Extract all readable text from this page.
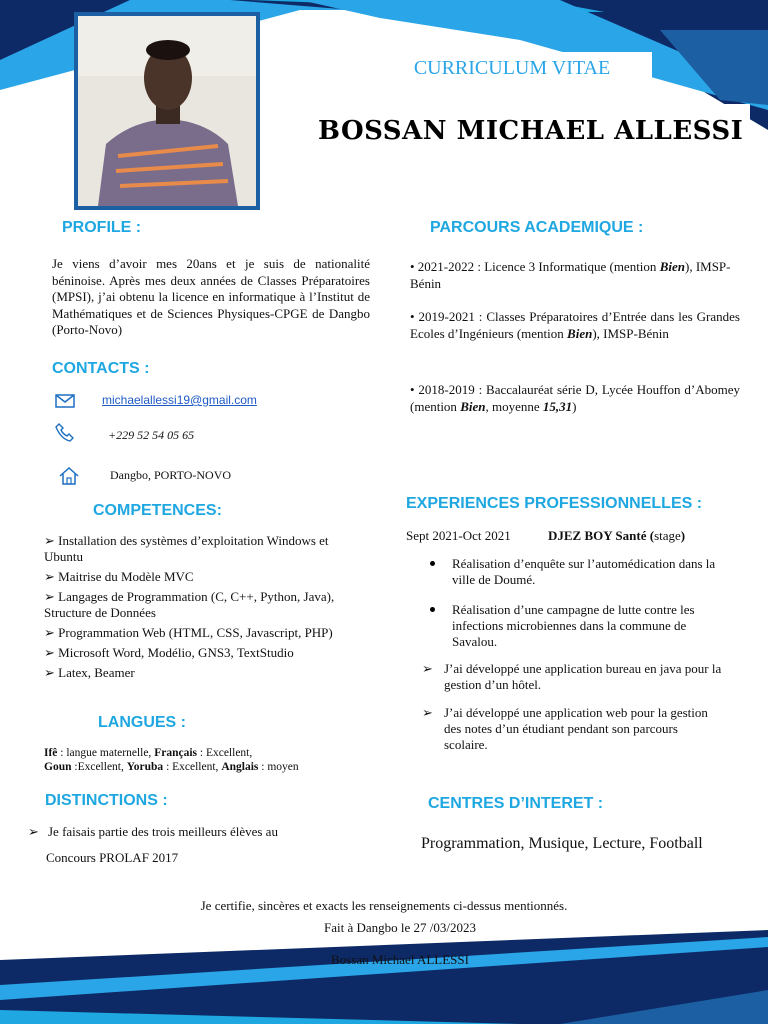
CURRICULUM VITAE
BOSSAN MICHAEL ALLESSI
PROFILE :
Je viens d’avoir mes 20ans et je suis de nationalité béninoise. Après mes deux années de Classes Préparatoires (MPSI), j’ai obtenu la licence en informatique à l’Institut de Mathématiques et de Sciences Physiques-CPGE de Dangbo (Porto-Novo)
CONTACTS :
michaelallessi19@gmail.com
+229 52 54 05 65
Dangbo, PORTO-NOVO
COMPETENCES:
➢ Installation des systèmes d’exploitation Windows et Ubuntu
➢ Maitrise du Modèle MVC
➢ Langages de Programmation (C, C++, Python, Java), Structure de Données
➢ Programmation Web (HTML, CSS, Javascript, PHP)
➢ Microsoft Word, Modélio, GNS3, TextStudio
➢ Latex, Beamer
LANGUES :
Ifê : langue maternelle, Français : Excellent,
Goun :Excellent, Yoruba : Excellent, Anglais : moyen
DISTINCTIONS :
➢ Je faisais partie des trois meilleurs élèves au
Concours PROLAF 2017
PARCOURS ACADEMIQUE :
• 2021-2022 : Licence 3 Informatique (mention Bien), IMSP-Bénin
• 2019-2021 : Classes Préparatoires d’Entrée dans les Grandes Ecoles d’Ingénieurs (mention Bien), IMSP-Bénin
• 2018-2019 : Baccalauréat série D, Lycée Houffon d’Abomey (mention Bien, moyenne 15,31)
EXPERIENCES PROFESSIONNELLES :
Sept 2021-Oct 2021	DJEZ BOY Santé (stage)
Réalisation d’enquête sur l’automédication dans la ville de Doumé.
Réalisation d’une campagne de lutte contre les infections microbiennes dans la commune de Savalou.
➢ J’ai développé une application bureau en java pour la gestion d’un hôtel.
➢ J’ai développé une application web pour la gestion des notes d’un étudiant pendant son parcours scolaire.
CENTRES D’INTERET :
Programmation, Musique, Lecture, Football
Je certifie, sincères et exacts les renseignements ci-dessus mentionnés.
Fait à Dangbo le 27 /03/2023
Bossan Michael ALLESSI
